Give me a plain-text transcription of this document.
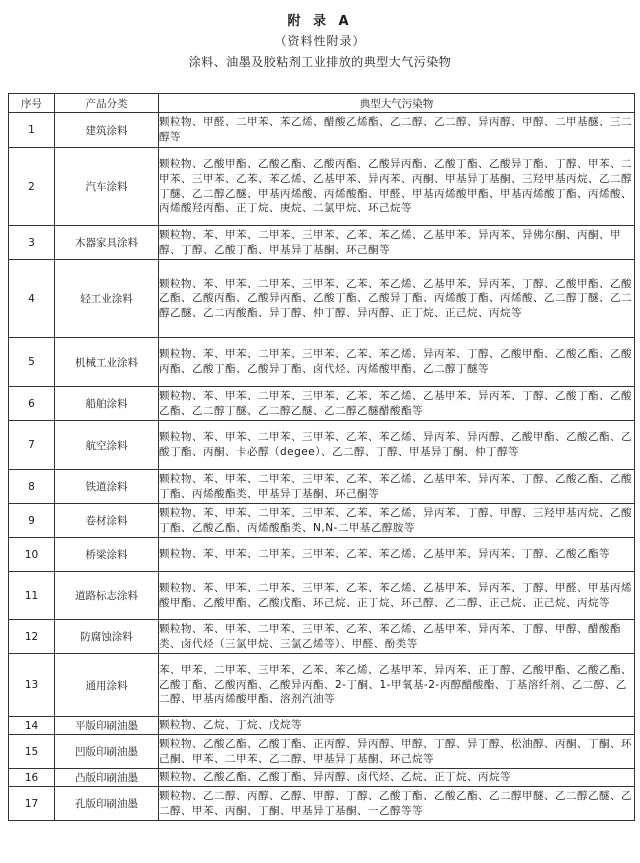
附 录 A
（资料性附录）
涂料、油墨及胶粘剂工业排放的典型大气污染物
序号	产品分类	典型大气污染物
1	建筑涂料	颗粒物、甲醛、二甲苯、苯乙烯、醋酸乙烯酯、乙二醇、乙二醇、异丙醇、甲醇、二甲基醚、三二醇等
2	汽车涂料	颗粒物、乙酸甲酯、乙酸乙酯、乙酸丙酯、乙酸异丙酯、乙酸丁酯、乙酸异丁酯、丁醇、甲苯、二甲苯、三甲苯、乙苯、苯乙烯、乙基甲苯、异丙苯、丙酮、甲基异丁基酮、三羟甲基丙烷、乙二醇丁醚、乙二醇乙醚、甲基丙烯酸、丙烯酸酯、甲醛、甲基丙烯酸甲酯、甲基丙烯酸丁酯、丙烯酸、丙烯酸羟丙酯、正丁烷、庚烷、二氯甲烷、环己烷等
3	木器家具涂料	颗粒物、苯、甲苯、二甲苯、三甲苯、乙苯、苯乙烯、乙基甲苯、异丙苯、异佛尔酮、丙酮、甲醇、丁醇、乙酸丁酯、甲基异丁基酮、环己酮等
4	轻工业涂料	颗粒物、苯、甲苯、二甲苯、三甲苯、乙苯、苯乙烯、乙基甲苯、异丙苯、丁醇、乙酸甲酯、乙酸乙酯、乙酸丙酯、乙酸异丙酯、乙酸丁酯、乙酸异丁酯、丙烯酸丁酯、丙烯酸、乙二醇丁醚、乙二醇乙醚、乙二丙酸酯、异丁醇、仲丁醇、异丙醇、正丁烷、正己烷、丙烷等
5	机械工业涂料	颗粒物、苯、甲苯、二甲苯、三甲苯、乙苯、苯乙烯、异丙苯、丁醇、乙酸甲酯、乙酸乙酯、乙酸丙酯、乙酸丁酯、乙酸异丁酯、卤代烃、丙烯酸甲酯、乙二醇丁醚等
6	船舶涂料	颗粒物、苯、甲苯、二甲苯、三甲苯、乙苯、苯乙烯、乙基甲苯、异丙苯、丁醇、乙酸丁酯、乙酸乙酯、乙二醇丁醚、乙二醇乙醚、乙二醇乙醚醋酸酯等
7	航空涂料	颗粒物、苯、甲苯、二甲苯、三甲苯、乙苯、苯乙烯、异丙苯、异丙醇、乙酸甲酯、乙酸乙酯、乙酸丁酯、丙酮、卡必醇（degee）、乙二醇、丁醇、甲基异丁酮、仲丁醇等
8	铁道涂料	颗粒物、苯、甲苯、二甲苯、三甲苯、乙苯、苯乙烯、乙基甲苯、异丙苯、丁醇、乙酸乙酯、乙酸丁酯、丙烯酸酯类、甲基异丁基酮、环己酮等
9	卷材涂料	颗粒物、苯、甲苯、二甲苯、三甲苯、乙苯、苯乙烯、异丙苯、丁醇、甲醇、三羟甲基丙烷、乙酸丁酯、乙酸乙酯、丙烯酸酯类、N,N-二甲基乙醇胺等
10	桥梁涂料	颗粒物、苯、甲苯、二甲苯、三甲苯、乙苯、苯乙烯、乙基甲苯、异丙苯、丁醇、乙酸乙酯等
11	道路标志涂料	颗粒物、苯、甲苯、二甲苯、三甲苯、乙苯、苯乙烯、乙基甲苯、异丙苯、丁醇、甲醛、甲基丙烯酸甲酯、乙酸甲酯、乙酸戊酯、环己烷、正丁烷、环己醇、乙二醇、正己烷、正己烷、丙烷等
12	防腐蚀涂料	颗粒物、苯、甲苯、二甲苯、三甲苯、乙苯、苯乙烯、乙基甲苯、异丙苯、丁醇、甲醇、醋酸酯类、卤代烃（三氯甲烷、三氯乙烯等）、甲醛、酚类等
13	通用涂料	苯、甲苯、二甲苯、三甲苯、乙苯、苯乙烯、乙基甲苯、异丙苯、正丁醇、乙酸甲酯、乙酸乙酯、乙酸丁酯、乙酸丙酯、乙酸异丙酯、2-丁酮、1-甲氧基-2-丙醇醋酸酯、丁基溶纤剂、乙二醇、乙二醇、甲基丙烯酸甲酯、溶剂汽油等
14	平版印刷油墨	颗粒物、乙烷、丁烷、戊烷等
15	凹版印刷油墨	颗粒物、乙酸乙酯、乙酸丁酯、正丙醇、异丙醇、甲醇、丁醇、异丁醇、松油醇、丙酮、丁酮、环己酮、甲苯、二甲苯、乙二醇、甲基异丁基酮、环己烷等
16	凸版印刷油墨	颗粒物、乙酸乙酯、乙酸丁酯、异丙醇、卤代烃、乙烷、正丁烷、丙烷等
17	孔版印刷油墨	颗粒物、乙二醇、丙醇、乙醇、甲醇、丁醇、乙酸丁酯、乙酸乙酯、乙二醇甲醚、乙二醇乙醚、乙二醇、甲苯、丙酮、丁酮、甲基异丁基酮、一乙醇等等
